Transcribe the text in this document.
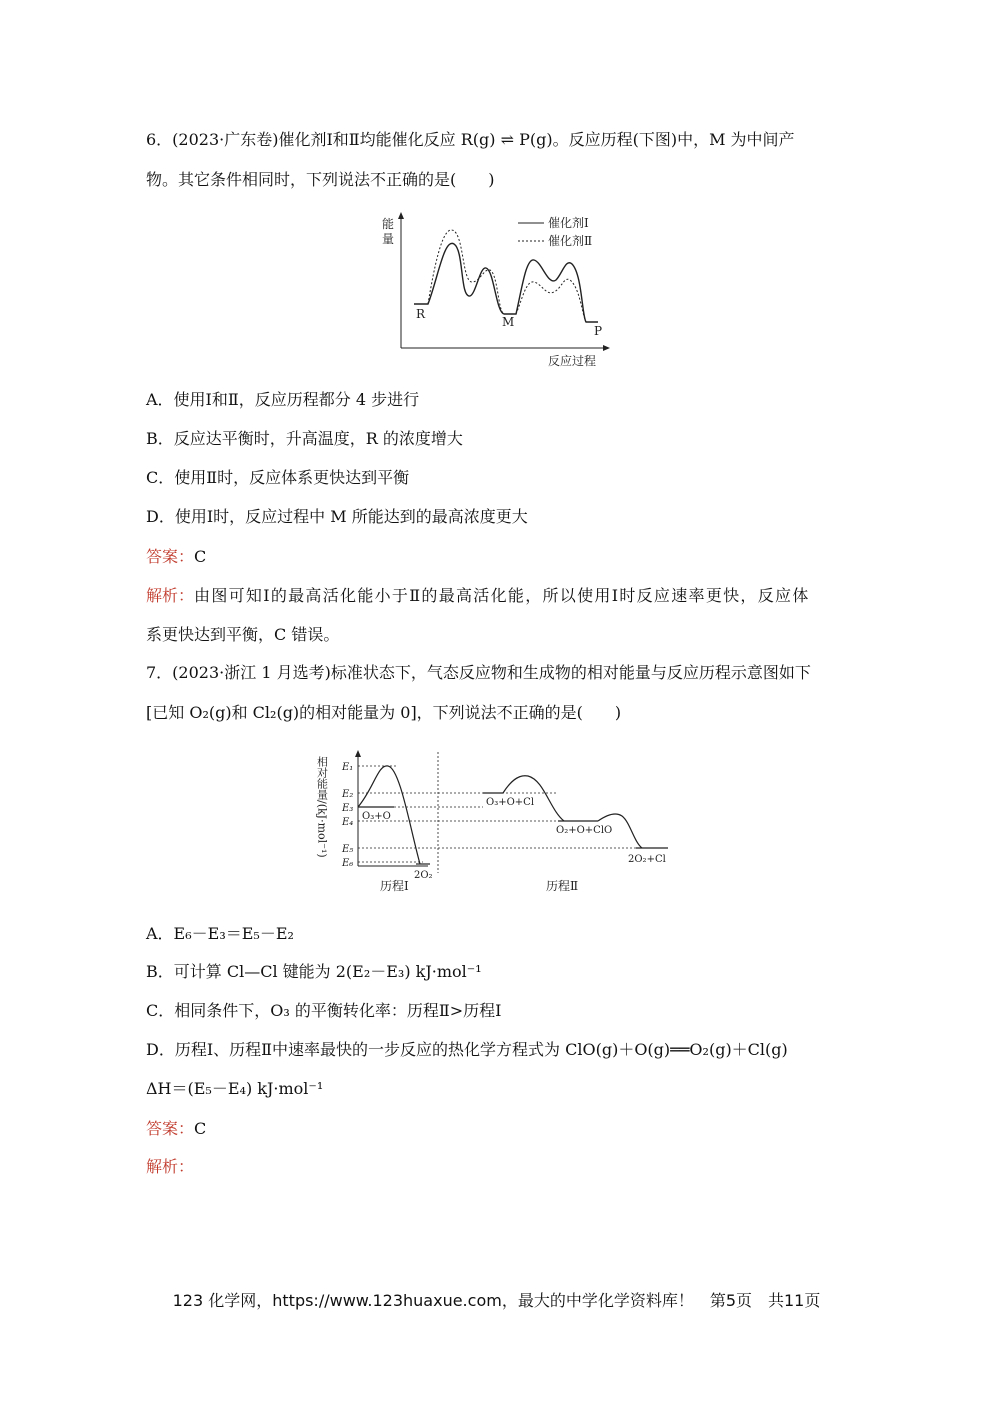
6．(2023·广东卷)催化剂Ⅰ和Ⅱ均能催化反应 R(g) ⇌ P(g)。反应历程(下图)中，M 为中间产
物。其它条件相同时，下列说法不正确的是(　　)
能
量
反应过程
催化剂Ⅰ
催化剂Ⅱ
R
M
P
A．使用Ⅰ和Ⅱ，反应历程都分 4 步进行
B．反应达平衡时，升高温度，R 的浓度增大
C．使用Ⅱ时，反应体系更快达到平衡
D．使用Ⅰ时，反应过程中 M 所能达到的最高浓度更大
答案：C
解析：由图可知Ⅰ的最高活化能小于Ⅱ的最高活化能，所以使用Ⅰ时反应速率更快，反应体
系更快达到平衡，C 错误。
7．(2023·浙江 1 月选考)标准状态下，气态反应物和生成物的相对能量与反应历程示意图如下
[已知 O₂(g)和 Cl₂(g)的相对能量为 0]，下列说法不正确的是(　　)
相对能量/(kJ·mol⁻¹) E₁
E₂
E₃
E₄
E₅
E₆
O₃+O
2O₂
O₃+O+Cl
O₂+O+ClO
2O₂+Cl
历程Ⅰ	历程Ⅱ
A．E₆－E₃＝E₅－E₂
B．可计算 Cl—Cl 键能为 2(E₂－E₃) kJ·mol⁻¹
C．相同条件下，O₃ 的平衡转化率：历程Ⅱ>历程Ⅰ
D．历程Ⅰ、历程Ⅱ中速率最快的一步反应的热化学方程式为 ClO(g)＋O(g)══O₂(g)＋Cl(g)
ΔH＝(E₅－E₄) kJ·mol⁻¹
答案：C
解析：
123 化学网，https://www.123huaxue.com，最大的中学化学资料库！　第5页　共11页
